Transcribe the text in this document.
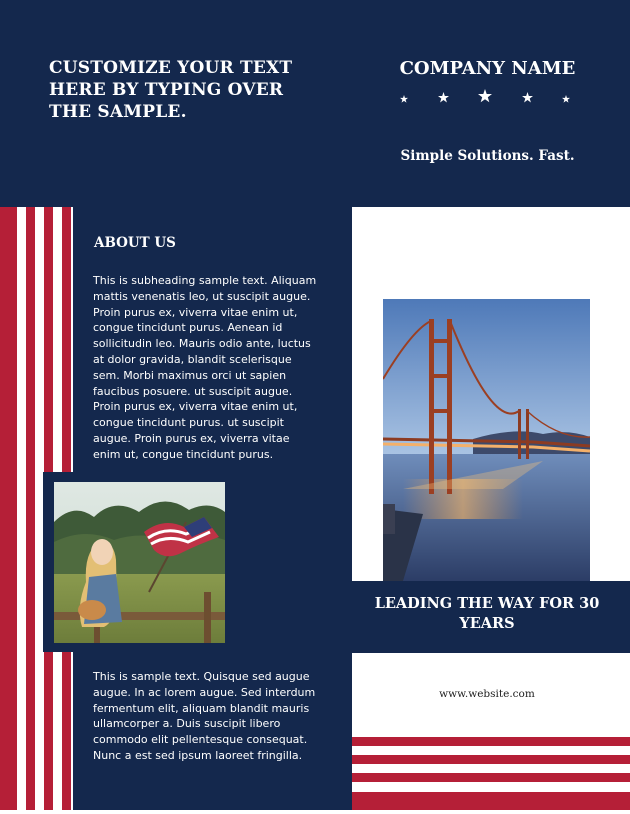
CUSTOMIZE YOUR TEXT HERE BY TYPING OVER THE SAMPLE.
COMPANY NAME
Simple Solutions. Fast.
ABOUT US
This is subheading sample text. Aliquam mattis venenatis leo, ut suscipit augue. Proin purus ex, viverra vitae enim ut, congue tincidunt purus. Aenean id sollicitudin leo. Mauris odio ante, luctus at dolor gravida, blandit scelerisque sem. Morbi maximus orci ut sapien faucibus posuere. ut suscipit augue. Proin purus ex, viverra vitae enim ut, congue tincidunt purus. ut suscipit augue. Proin purus ex, viverra vitae enim ut, congue tincidunt purus.
This is sample text. Quisque sed augue augue. In ac lorem augue. Sed interdum fermentum elit, aliquam blandit mauris ullamcorper a. Duis suscipit libero commodo elit pellentesque consequat. Nunc a est sed ipsum laoreet fringilla.
LEADING THE WAY FOR 30 YEARS
www.website.com
